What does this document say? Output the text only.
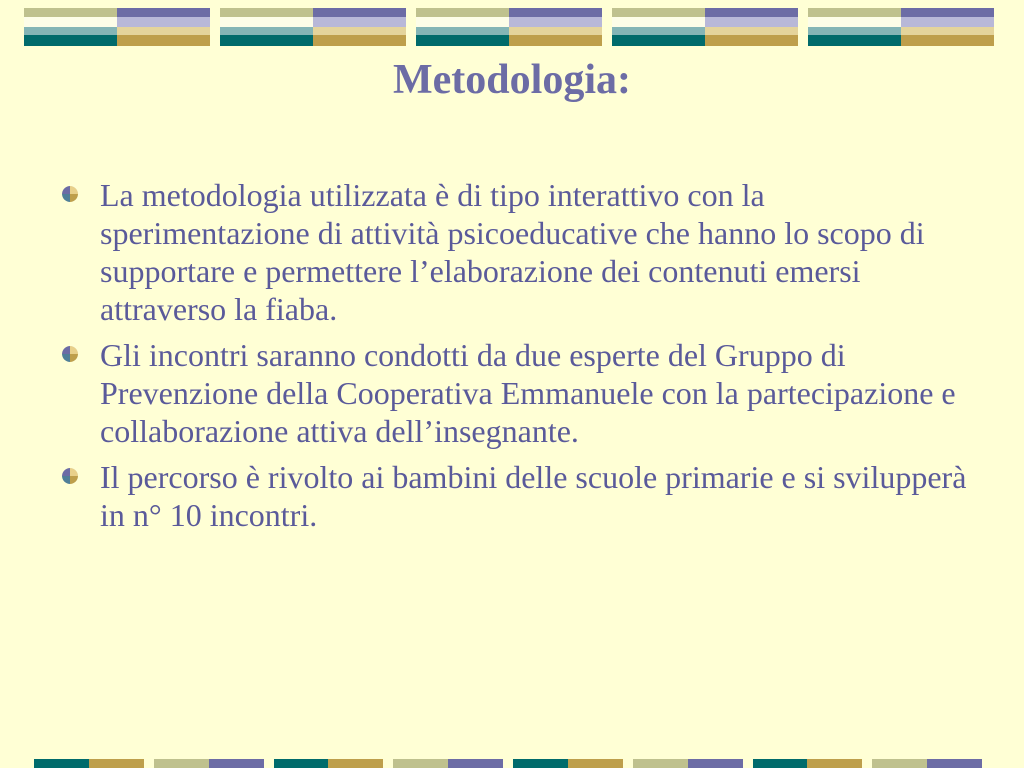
Metodologia:
La metodologia utilizzata è di tipo interattivo con la sperimentazione di attività psicoeducative che hanno lo scopo di supportare e permettere l’elaborazione dei contenuti emersi attraverso la fiaba.
Gli incontri saranno condotti da due esperte del Gruppo di Prevenzione della Cooperativa Emmanuele con la partecipazione e collaborazione attiva dell’insegnante.
Il percorso è rivolto ai bambini delle scuole primarie e si svilupperà in n° 10 incontri.
